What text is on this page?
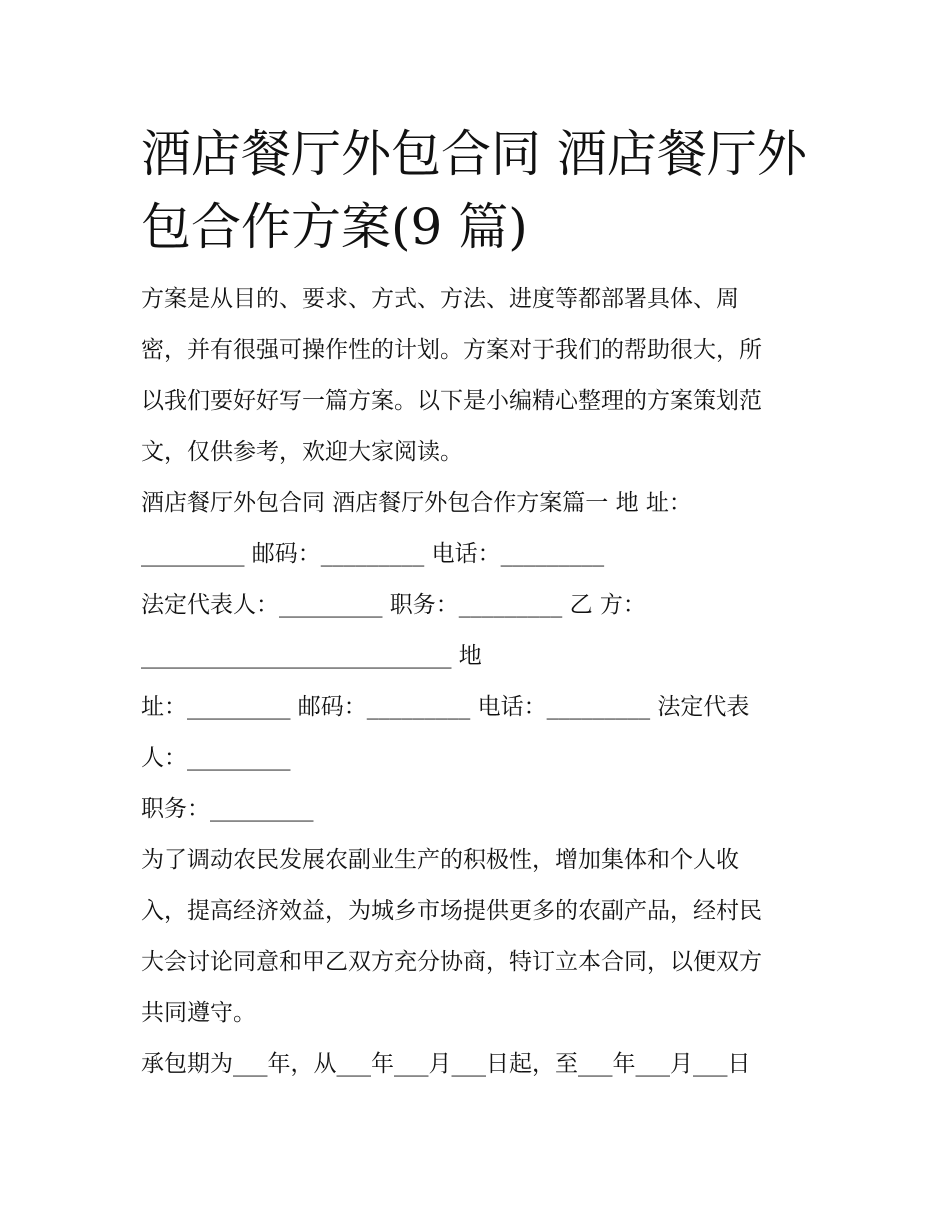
酒店餐厅外包合同 酒店餐厅外
包合作方案(9 篇)
方案是从目的、要求、方式、方法、进度等都部署具体、周
密，并有很强可操作性的计划。方案对于我们的帮助很大，所
以我们要好好写一篇方案。以下是小编精心整理的方案策划范
文，仅供参考，欢迎大家阅读。
酒店餐厅外包合同 酒店餐厅外包合作方案篇一 地 址：
_________ 邮码：_________ 电话：_________
法定代表人：_________ 职务：_________ 乙 方：
___________________________ 地
址：_________ 邮码：_________ 电话：_________ 法定代表
人：_________
职务：_________
为了调动农民发展农副业生产的积极性，增加集体和个人收
入，提高经济效益，为城乡市场提供更多的农副产品，经村民
大会讨论同意和甲乙双方充分协商，特订立本合同，以便双方
共同遵守。
承包期为___年，从___年___月___日起，至___年___月___日
